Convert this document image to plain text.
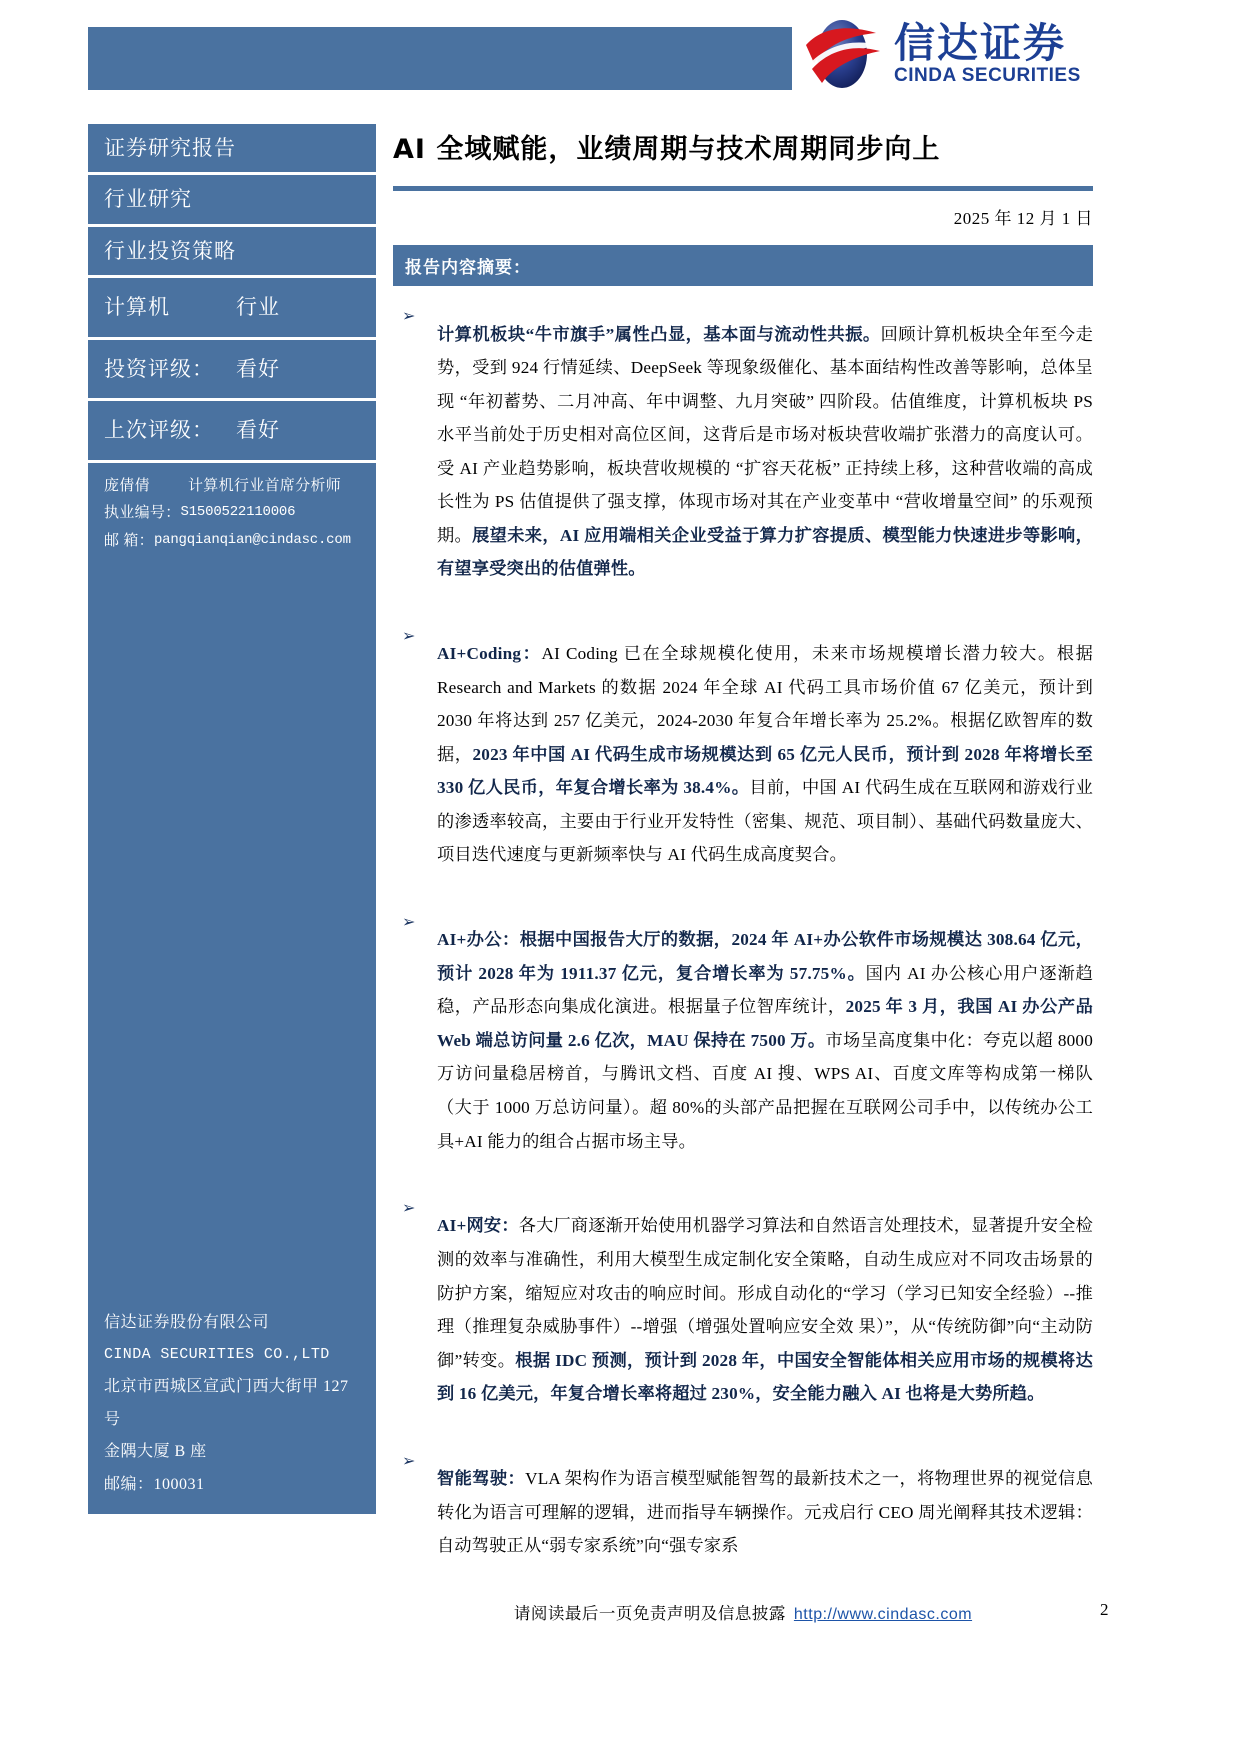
信达证券
CINDA SECURITIES
证券研究报告
行业研究
行业投资策略
计算机	行业
投资评级：	看好
上次评级：	看好
庞倩倩	计算机行业首席分析师
执业编号： S1500522110006
邮 箱： pangqianqian@cindasc.com
信达证券股份有限公司
CINDA SECURITIES CO.,LTD
北京市西城区宣武门西大街甲 127 号
金隅大厦 B 座
邮编：100031
AI 全域赋能，业绩周期与技术周期同步向上
2025 年 12 月 1 日
报告内容摘要：
➢

计算机板块“牛市旗手”属性凸显，基本面与流动性共振。回顾计算机板块全年至今走势，受到 924 行情延续、DeepSeek 等现象级催化、基本面结构性改善等影响，总体呈现 “年初蓄势、二月冲高、年中调整、九月突破” 四阶段。估值维度，计算机板块 PS 水平当前处于历史相对高位区间，这背后是市场对板块营收端扩张潜力的高度认可。受 AI 产业趋势影响，板块营收规模的 “扩容天花板” 正持续上移，这种营收端的高成长性为 PS 估值提供了强支撑，体现市场对其在产业变革中 “营收增量空间” 的乐观预期。展望未来，AI 应用端相关企业受益于算力扩容提质、模型能力快速进步等影响，有望享受突出的估值弹性。

➢

AI+Coding：AI Coding 已在全球规模化使用，未来市场规模增长潜力较大。根据 Research and Markets 的数据 2024 年全球 AI 代码工具市场价值 67 亿美元，预计到 2030 年将达到 257 亿美元，2024-2030 年复合年增长率为 25.2%。根据亿欧智库的数据，2023 年中国 AI 代码生成市场规模达到 65 亿元人民币，预计到 2028 年将增长至 330 亿人民币，年复合增长率为 38.4%。目前，中国 AI 代码生成在互联网和游戏行业的渗透率较高，主要由于行业开发特性（密集、规范、项目制）、基础代码数量庞大、项目迭代速度与更新频率快与 AI 代码生成高度契合。

➢

AI+办公：根据中国报告大厅的数据，2024 年 AI+办公软件市场规模达 308.64 亿元，预计 2028 年为 1911.37 亿元，复合增长率为 57.75%。国内 AI 办公核心用户逐渐趋稳，产品形态向集成化演进。根据量子位智库统计，2025 年 3 月，我国 AI 办公产品 Web 端总访问量 2.6 亿次，MAU 保持在 7500 万。市场呈高度集中化：夸克以超 8000 万访问量稳居榜首，与腾讯文档、百度 AI 搜、WPS AI、百度文库等构成第一梯队（大于 1000 万总访问量）。超 80%的头部产品把握在互联网公司手中，以传统办公工具+AI 能力的组合占据市场主导。

➢

AI+网安：各大厂商逐渐开始使用机器学习算法和自然语言处理技术，显著提升安全检测的效率与准确性，利用大模型生成定制化安全策略，自动生成应对不同攻击场景的防护方案，缩短应对攻击的响应时间。形成自动化的“学习（学习已知安全经验）--推理（推理复杂威胁事件）--增强（增强处置响应安全效 果）”，从“传统防御”向“主动防御”转变。根据 IDC 预测，预计到 2028 年，中国安全智能体相关应用市场的规模将达到 16 亿美元，年复合增长率将超过 230%，安全能力融入 AI 也将是大势所趋。

➢

智能驾驶：VLA 架构作为语言模型赋能智驾的最新技术之一，将物理世界的视觉信息转化为语言可理解的逻辑，进而指导车辆操作。元戎启行 CEO 周光阐释其技术逻辑：自动驾驶正从“弱专家系统”向“强专家系

请阅读最后一页免责声明及信息披露 http://www.cindasc.com	2
